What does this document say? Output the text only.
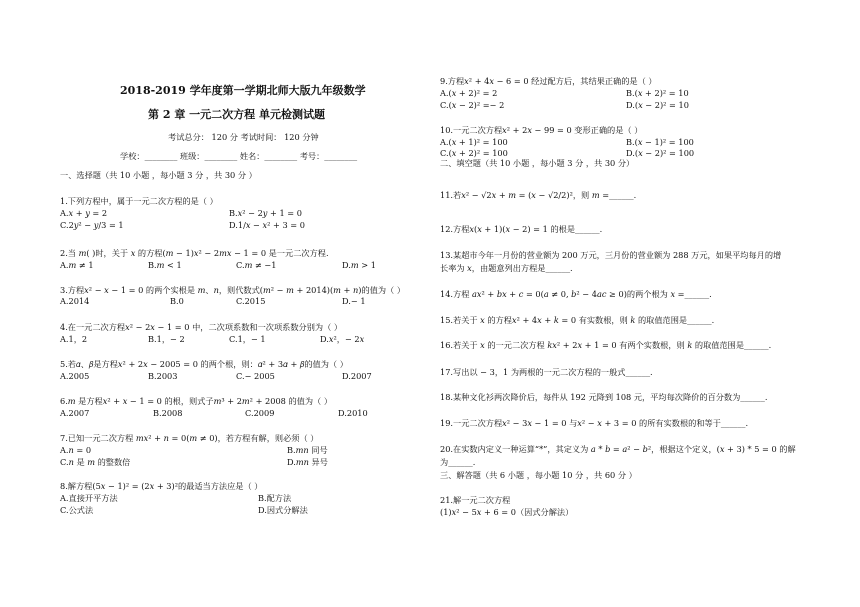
2018-2019 学年度第一学期北师大版九年级数学
第 2 章 一元二次方程 单元检测试题
考试总分： 120 分 考试时间： 120 分钟
学校：________ 班级：________ 姓名：________ 考号：________
一、选择题（共 10 小题 ，每小题 3 分 ，共 30 分 ）
1.下列方程中，属于一元二次方程的是（ ）
A.𝑥 + 𝑦 = 2	B.𝑥² − 2𝑦 + 1 = 0
C.2𝑦² − 𝑦/3 = 1	D.1/𝑥 − 𝑥² + 3 = 0
2.当 𝑚( )时，关于 𝑥 的方程(𝑚 − 1)𝑥² − 2𝑚𝑥 − 1 = 0 是一元二次方程.
A.𝑚 ≠ 1	B.𝑚 < 1	C.𝑚 ≠ −1	D.𝑚 > 1
3.方程𝑥² − 𝑥 − 1 = 0 的两个实根是 𝑚、𝑛，则代数式(𝑚² − 𝑚 + 2014)(𝑚 + 𝑛)的值为（ ）
A.2014	B.0	C.2015	D.− 1
4.在一元二次方程𝑥² − 2𝑥 − 1 = 0 中，二次项系数和一次项系数分别为（ ）
A.1，2	B.1，− 2	C.1，− 1	D.𝑥²，− 2𝑥
5.若𝛼、𝛽是方程𝑥² + 2𝑥 − 2005 = 0 的两个根，则：𝛼² + 3𝛼 + 𝛽的值为（ ）
A.2005	B.2003	C.− 2005	D.2007
6.𝑚 是方程𝑥² + 𝑥 − 1 = 0 的根，则式子𝑚³ + 2𝑚² + 2008 的值为（ ）
A.2007	B.2008	C.2009	D.2010
7.已知一元二次方程 𝑚𝑥² + 𝑛 = 0(𝑚 ≠ 0)，若方程有解，则必须（ ）
A.𝑛 = 0	B.𝑚𝑛 同号
C.𝑛 是 𝑚 的整数倍	D.𝑚𝑛 异号
8.解方程(5𝑥 − 1)² = (2𝑥 + 3)²的最适当方法应是（ ）
A.直接开平方法	B.配方法
C.公式法	D.因式分解法
9.方程𝑥² + 4𝑥 − 6 = 0 经过配方后，其结果正确的是（ ）
A.(𝑥 + 2)² = 2	B.(𝑥 + 2)² = 10
C.(𝑥 − 2)² =− 2	D.(𝑥 − 2)² = 10
10.一元二次方程𝑥² + 2𝑥 − 99 = 0 变形正确的是（ ）
A.(𝑥 + 1)² = 100	B.(𝑥 − 1)² = 100
C.(𝑥 + 2)² = 100	D.(𝑥 − 2)² = 100
二、填空题（共 10 小题 ，每小题 3 分 ，共 30 分）
11.若𝑥² − √2𝑥 + 𝑚 = (𝑥 − √2/2)²，则 𝑚 =______.
12.方程𝑥(𝑥 + 1)(𝑥 − 2) = 1 的根是______.
13.某超市今年一月份的营业额为 200 万元，三月份的营业额为 288 万元，如果平均每月的增
长率为 𝑥，由题意列出方程是______.
14.方程 𝑎𝑥² + 𝑏𝑥 + 𝑐 = 0(𝑎 ≠ 0, 𝑏² − 4𝑎𝑐 ≥ 0)的两个根为 𝑥 =______.
15.若关于 𝑥 的方程𝑥² + 4𝑥 + 𝑘 = 0 有实数根，则 𝑘 的取值范围是______.
16.若关于 𝑥 的一元二次方程 𝑘𝑥² + 2𝑥 + 1 = 0 有两个实数根，则 𝑘 的取值范围是______.
17.写出以 − 3，1 为两根的一元二次方程的一般式______.
18.某种文化衫两次降价后，每件从 192 元降到 108 元，平均每次降价的百分数为______.
19.一元二次方程𝑥² − 3𝑥 − 1 = 0 与𝑥² − 𝑥 + 3 = 0 的所有实数根的和等于______.
20.在实数内定义一种运算“*”，其定义为 𝑎 * 𝑏 = 𝑎² − 𝑏²，根据这个定义，(𝑥 + 3) * 5 = 0 的解
为______.
三、解答题（共 6 小题 ，每小题 10 分 ，共 60 分 ）
21.解一元二次方程
(1)𝑥² − 5𝑥 + 6 = 0（因式分解法）
